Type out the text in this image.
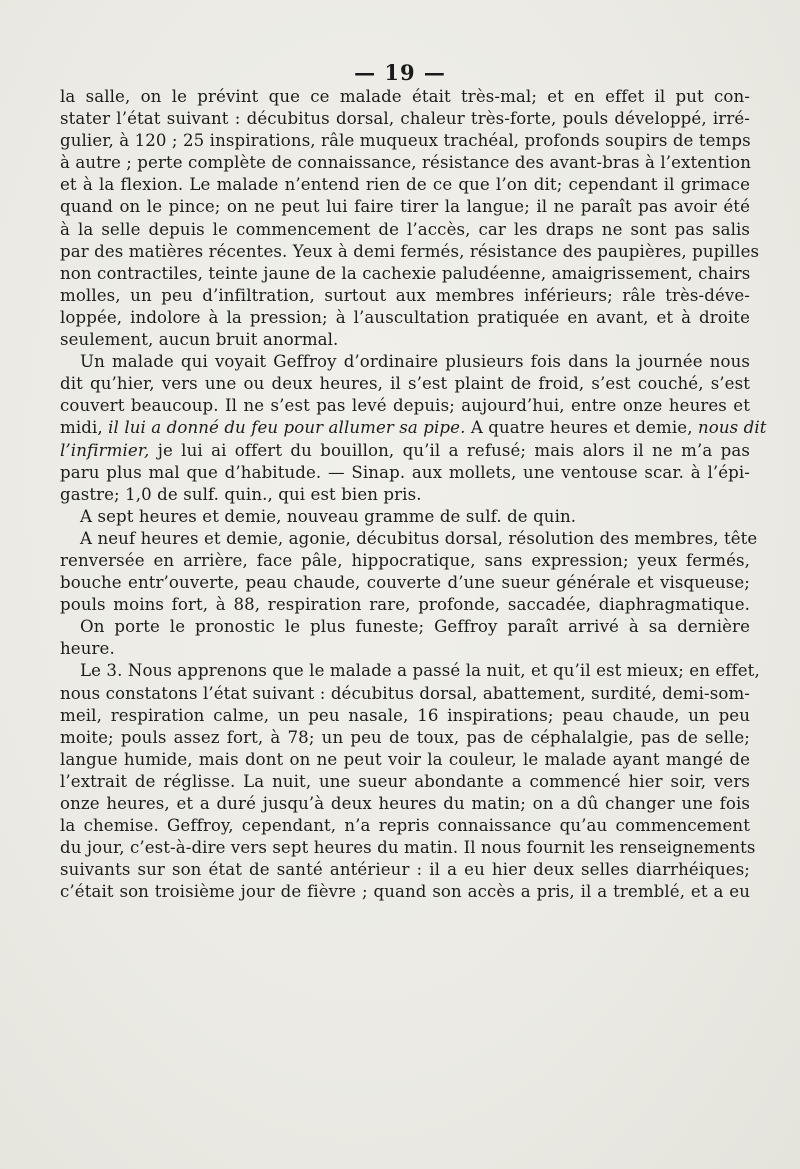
— 19 —
la salle, on le prévint que ce malade était très-mal; et en effet il put con-
stater l’état suivant : décubitus dorsal, chaleur très-forte, pouls développé, irré-
gulier, à 120 ; 25 inspirations, râle muqueux trachéal, profonds soupirs de temps
à autre ; perte complète de connaissance, résistance des avant-bras à l’extention
et à la flexion. Le malade n’entend rien de ce que l’on dit; cependant il grimace
quand on le pince; on ne peut lui faire tirer la langue; il ne paraît pas avoir été
à la selle depuis le commencement de l’accès, car les draps ne sont pas salis
par des matières récentes. Yeux à demi fermés, résistance des paupières, pupilles
non contractiles, teinte jaune de la cachexie paludéenne, amaigrissement, chairs
molles, un peu d’infiltration, surtout aux membres inférieurs; râle très-déve-
loppée, indolore à la pression; à l’auscultation pratiquée en avant, et à droite
seulement, aucun bruit anormal.
Un malade qui voyait Geffroy d’ordinaire plusieurs fois dans la journée nous
dit qu’hier, vers une ou deux heures, il s’est plaint de froid, s’est couché, s’est
couvert beaucoup. Il ne s’est pas levé depuis; aujourd’hui, entre onze heures et
midi, il lui a donné du feu pour allumer sa pipe. A quatre heures et demie, nous dit
l’infirmier, je lui ai offert du bouillon, qu’il a refusé; mais alors il ne m’a pas
paru plus mal que d’habitude. — Sinap. aux mollets, une ventouse scar. à l’épi-
gastre; 1,0 de sulf. quin., qui est bien pris.
A sept heures et demie, nouveau gramme de sulf. de quin.
A neuf heures et demie, agonie, décubitus dorsal, résolution des membres, tête
renversée en arrière, face pâle, hippocratique, sans expression; yeux fermés,
bouche entr’ouverte, peau chaude, couverte d’une sueur générale et visqueuse;
pouls moins fort, à 88, respiration rare, profonde, saccadée, diaphragmatique.
On porte le pronostic le plus funeste; Geffroy paraît arrivé à sa dernière
heure.
Le 3. Nous apprenons que le malade a passé la nuit, et qu’il est mieux; en effet,
nous constatons l’état suivant : décubitus dorsal, abattement, surdité, demi-som-
meil, respiration calme, un peu nasale, 16 inspirations; peau chaude, un peu
moite; pouls assez fort, à 78; un peu de toux, pas de céphalalgie, pas de selle;
langue humide, mais dont on ne peut voir la couleur, le malade ayant mangé de
l’extrait de réglisse. La nuit, une sueur abondante a commencé hier soir, vers
onze heures, et a duré jusqu’à deux heures du matin; on a dû changer une fois
la chemise. Geffroy, cependant, n’a repris connaissance qu’au commencement
du jour, c’est-à-dire vers sept heures du matin. Il nous fournit les renseignements
suivants sur son état de santé antérieur : il a eu hier deux selles diarrhéiques;
c’était son troisième jour de fièvre ; quand son accès a pris, il a tremblé, et a eu
